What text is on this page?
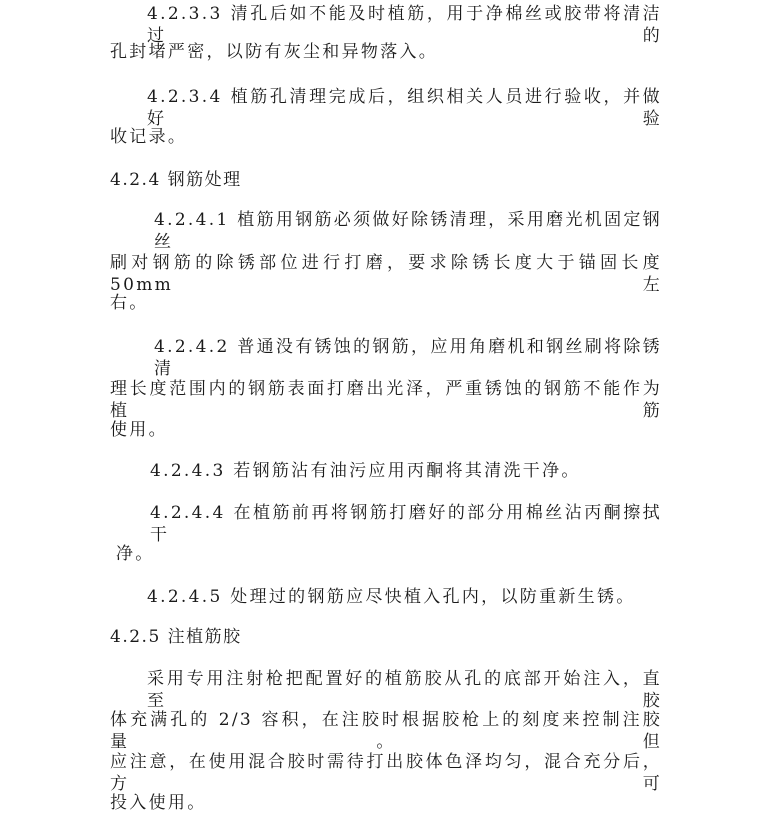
4.2.3.3 清孔后如不能及时植筋，用于净棉丝或胶带将清洁过的
孔封堵严密，以防有灰尘和异物落入。
4.2.3.4 植筋孔清理完成后，组织相关人员进行验收，并做好验
收记录。
4.2.4 钢筋处理
4.2.4.1 植筋用钢筋必须做好除锈清理，采用磨光机固定钢丝
刷对钢筋的除锈部位进行打磨，要求除锈长度大于锚固长度 50mm 左
右。
4.2.4.2 普通没有锈蚀的钢筋，应用角磨机和钢丝刷将除锈清
理长度范围内的钢筋表面打磨出光泽，严重锈蚀的钢筋不能作为植筋
使用。
4.2.4.3 若钢筋沾有油污应用丙酮将其清洗干净。
4.2.4.4 在植筋前再将钢筋打磨好的部分用棉丝沾丙酮擦拭干
净。
4.2.4.5 处理过的钢筋应尽快植入孔内，以防重新生锈。
4.2.5 注植筋胶
采用专用注射枪把配置好的植筋胶从孔的底部开始注入，直至胶
体充满孔的 2/3 容积，在注胶时根据胶枪上的刻度来控制注胶量。但
应注意，在使用混合胶时需待打出胶体色泽均匀，混合充分后，方可
投入使用。
